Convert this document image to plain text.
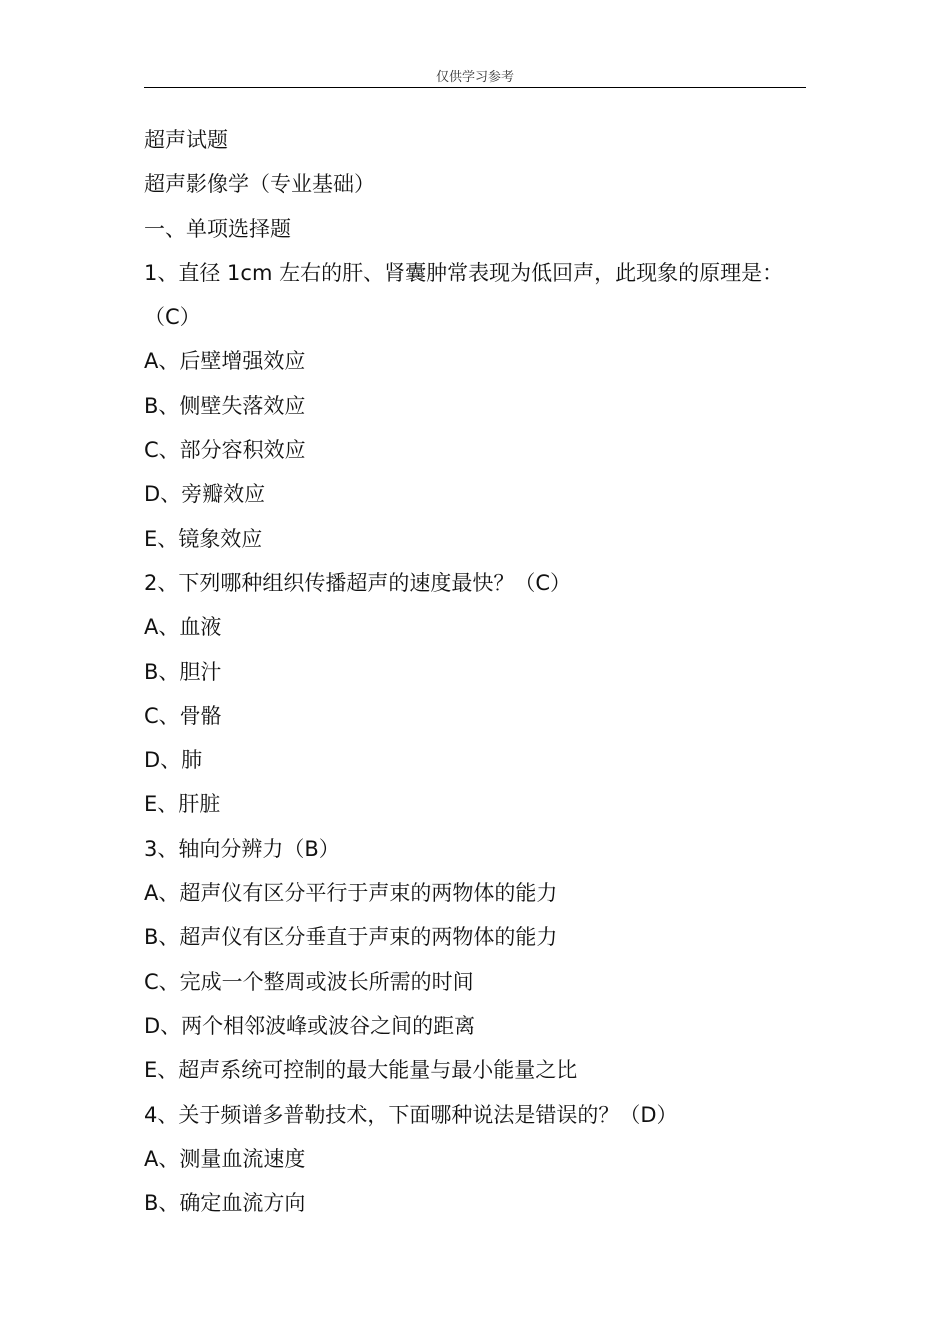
仅供学习参考
超声试题
超声影像学（专业基础）
一、单项选择题
1、直径 1cm 左右的肝、肾囊肿常表现为低回声，此现象的原理是：
（C）
A、后壁增强效应
B、侧壁失落效应
C、部分容积效应
D、旁瓣效应
E、镜象效应
2、下列哪种组织传播超声的速度最快？（C）
A、血液
B、胆汁
C、骨骼
D、肺
E、肝脏
3、轴向分辨力（B）
A、超声仪有区分平行于声束的两物体的能力
B、超声仪有区分垂直于声束的两物体的能力
C、完成一个整周或波长所需的时间
D、两个相邻波峰或波谷之间的距离
E、超声系统可控制的最大能量与最小能量之比
4、关于频谱多普勒技术，下面哪种说法是错误的？（D）
A、测量血流速度
B、确定血流方向
